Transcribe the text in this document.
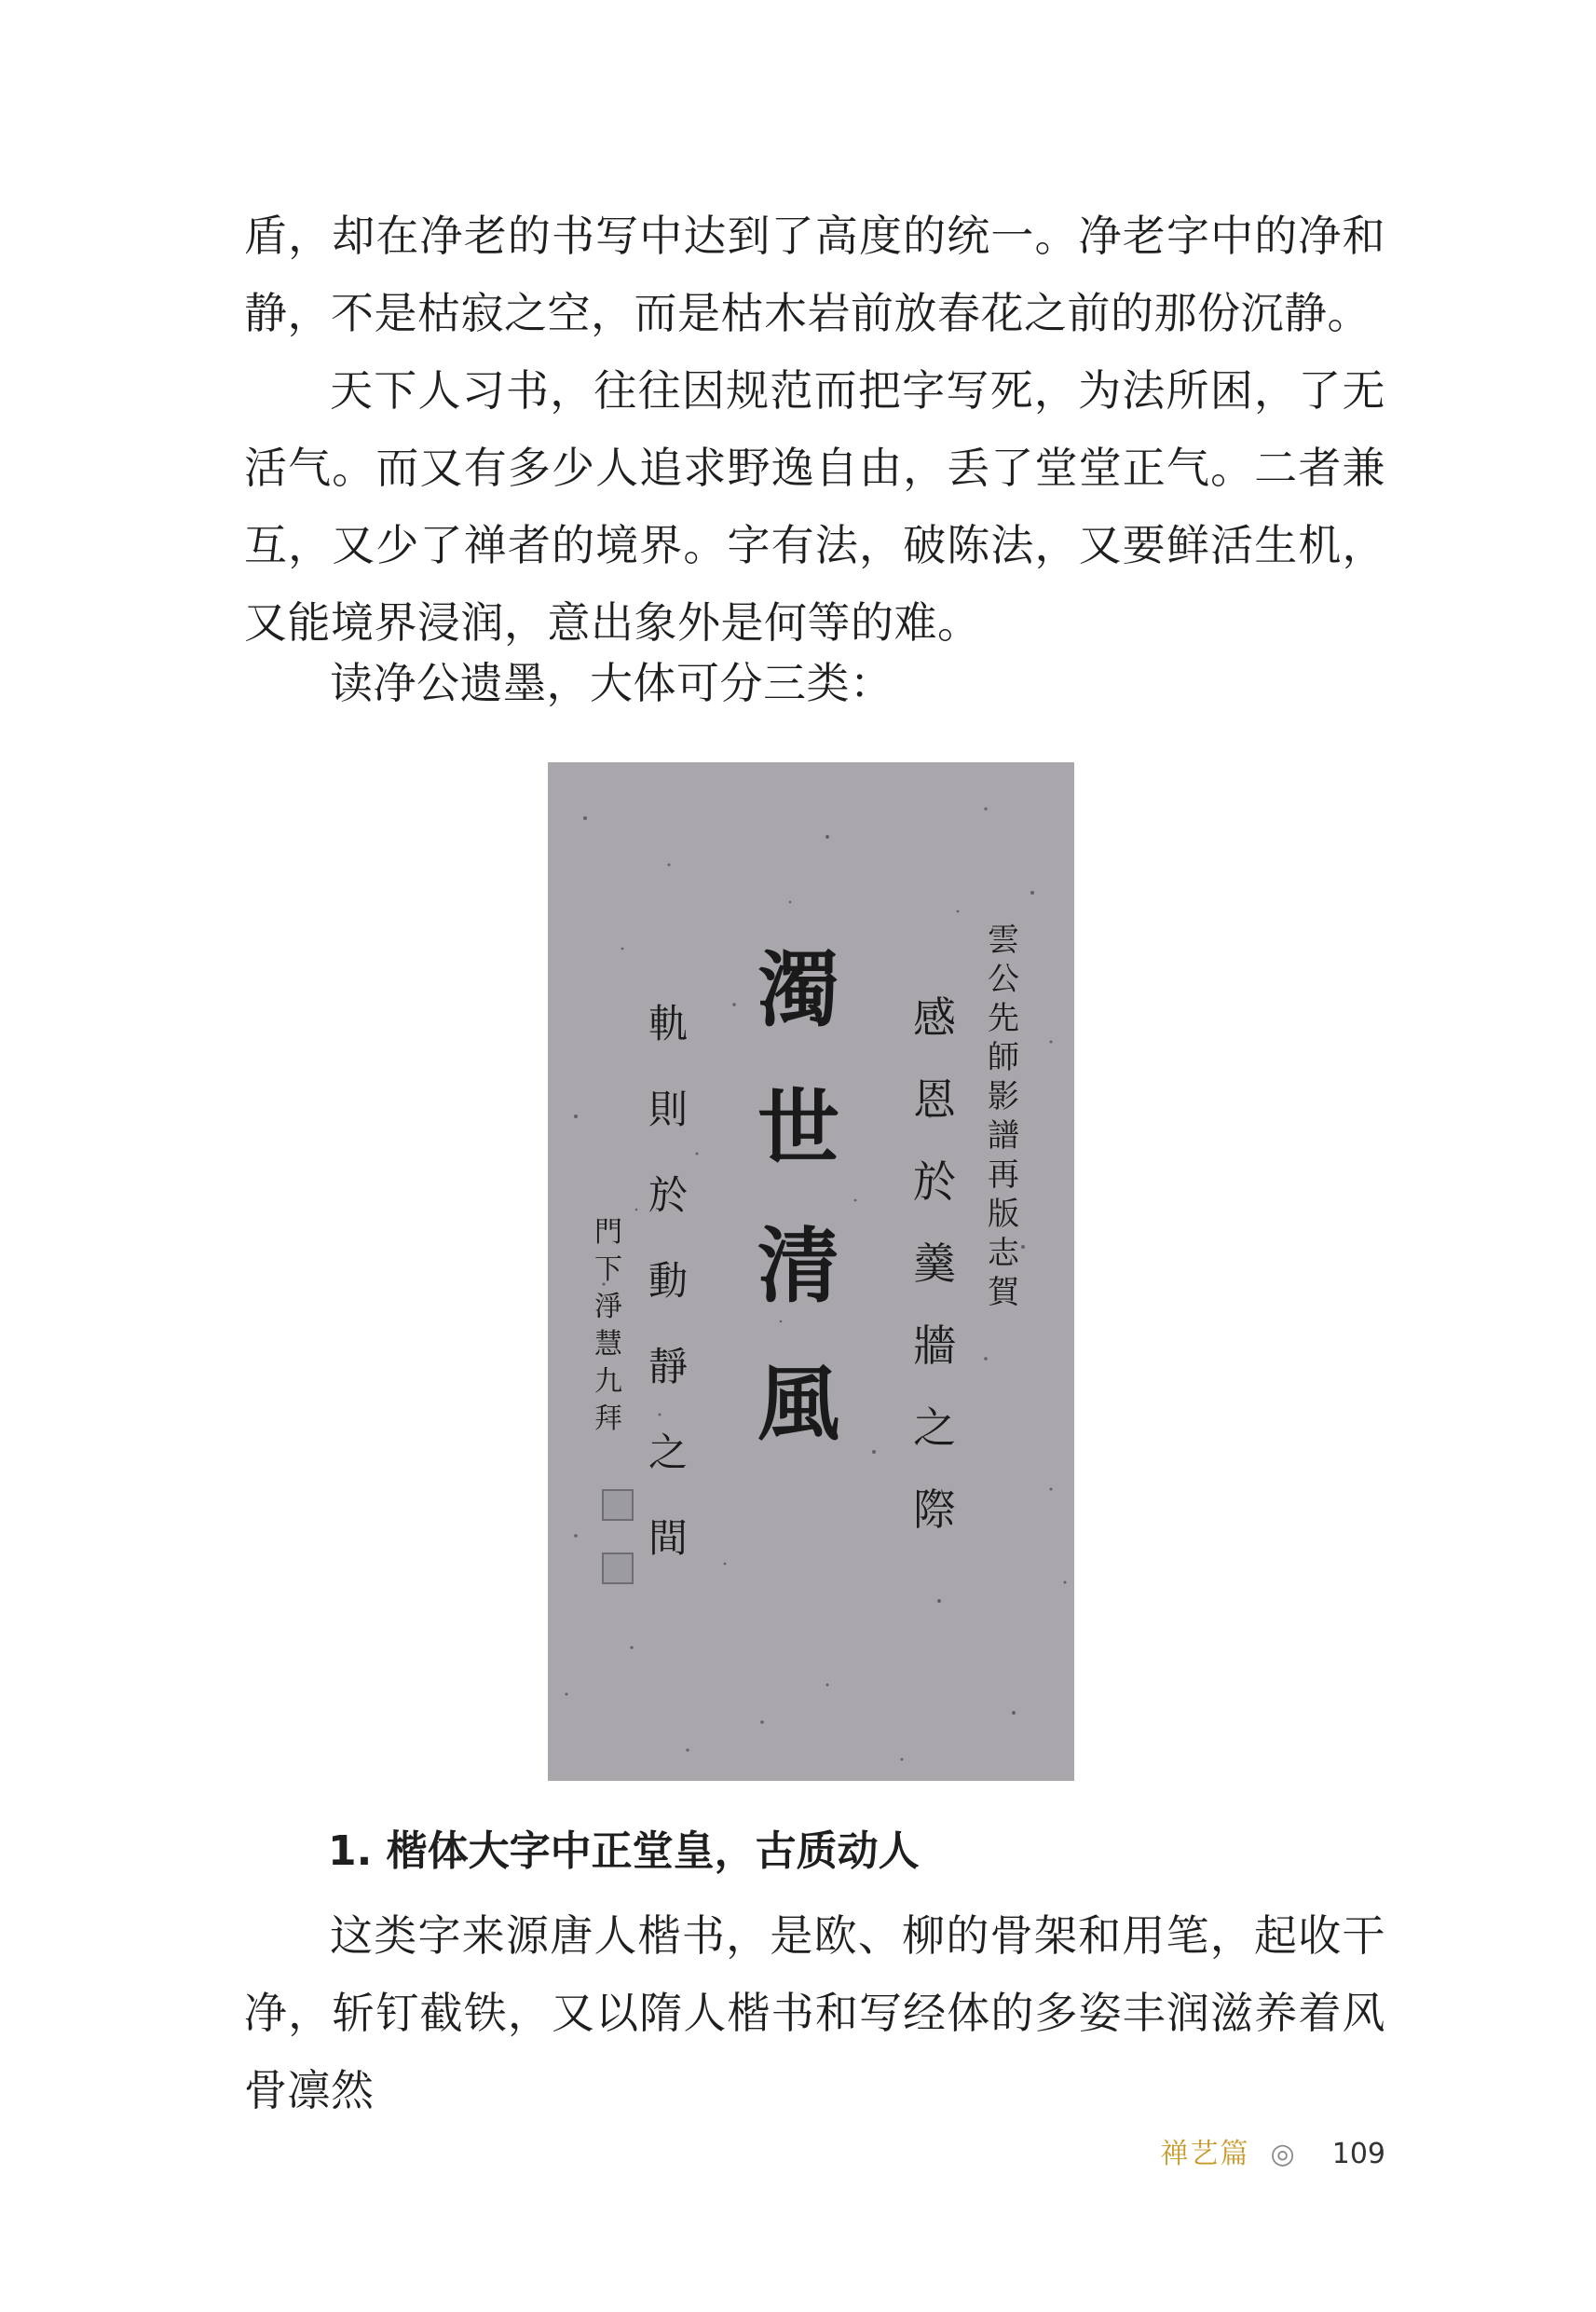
盾，却在净老的书写中达到了高度的统一。净老字中的净和静，不是枯寂之空，而是枯木岩前放春花之前的那份沉静。

天下人习书，往往因规范而把字写死，为法所困，了无活气。而又有多少人追求野逸自由，丢了堂堂正气。二者兼互，又少了禅者的境界。字有法，破陈法，又要鲜活生机，又能境界浸润，意出象外是何等的难。

读净公遗墨，大体可分三类：

雲
公
先
師
影
譜
再
版
志
賀
感
恩
於
羹
牆
之
際
濁
世
清
風
軌
則
於
動
靜
之
間
門
下
淨
慧
九
拜

1. 楷体大字中正堂皇，古质动人

这类字来源唐人楷书，是欧、柳的骨架和用笔，起收干净，斩钉截铁，又以隋人楷书和写经体的多姿丰润滋养着风骨凛然

禅艺篇 ◎ 109
